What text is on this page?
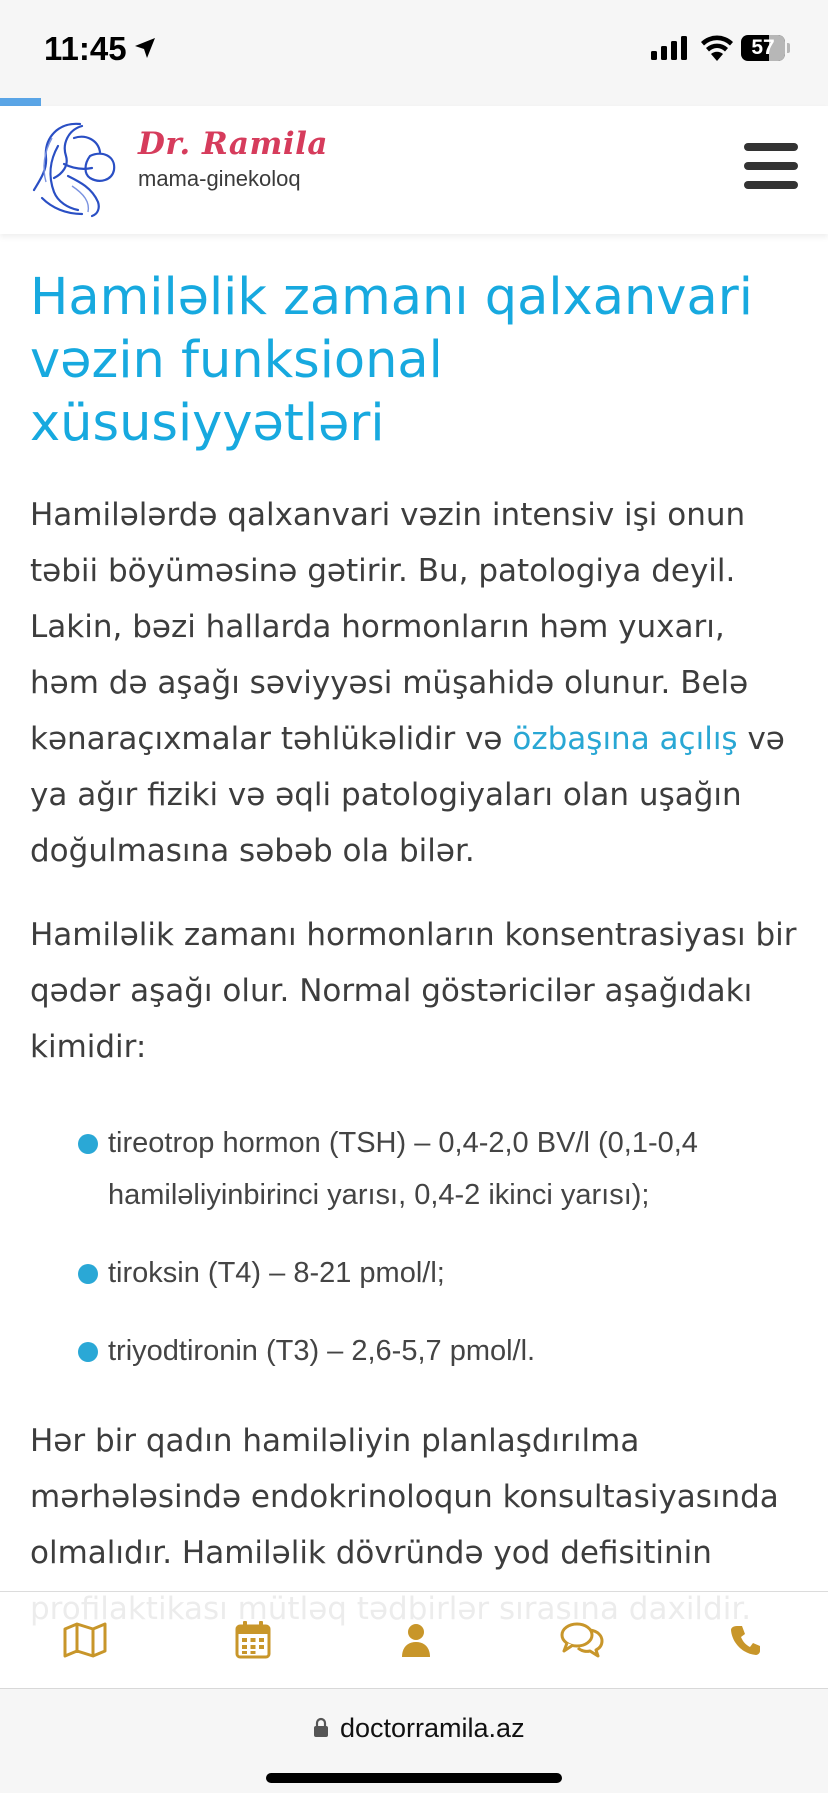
11:45	57
Dr. Ramila
mama-ginekoloq
Hamiləlik zamanı qalxanvari vəzin funksional xüsusiyyətləri

Hamilələrdə qalxanvari vəzin intensiv işi onun təbii böyüməsinə gətirir. Bu, patologiya deyil. Lakin, bəzi hallarda hormonların həm yuxarı, həm də aşağı səviyyəsi müşahidə olunur. Belə kənaraçıxmalar təhlükəlidir və özbaşına açılış və ya ağır fiziki və əqli patologiyaları olan uşağın doğulmasına səbəb ola bilər.

Hamiləlik zamanı hormonların konsentrasiyası bir qədər aşağı olur. Normal göstəricilər aşağıdakı kimidir:

tireotrop hormon (TSH) – 0,4-2,0 BV/l (0,1-0,4 hamiləliyinbirinci yarısı, 0,4-2 ikinci yarısı);
tiroksin (T4) – 8-21 pmol/l;
triyodtironin (T3) – 2,6-5,7 pmol/l.

Hər bir qadın hamiləliyin planlaşdırılma mərhələsində endokrinoloqun konsultasiyasında olmalıdır. Hamiləlik dövründə yod defisitinin

doctorramila.az
